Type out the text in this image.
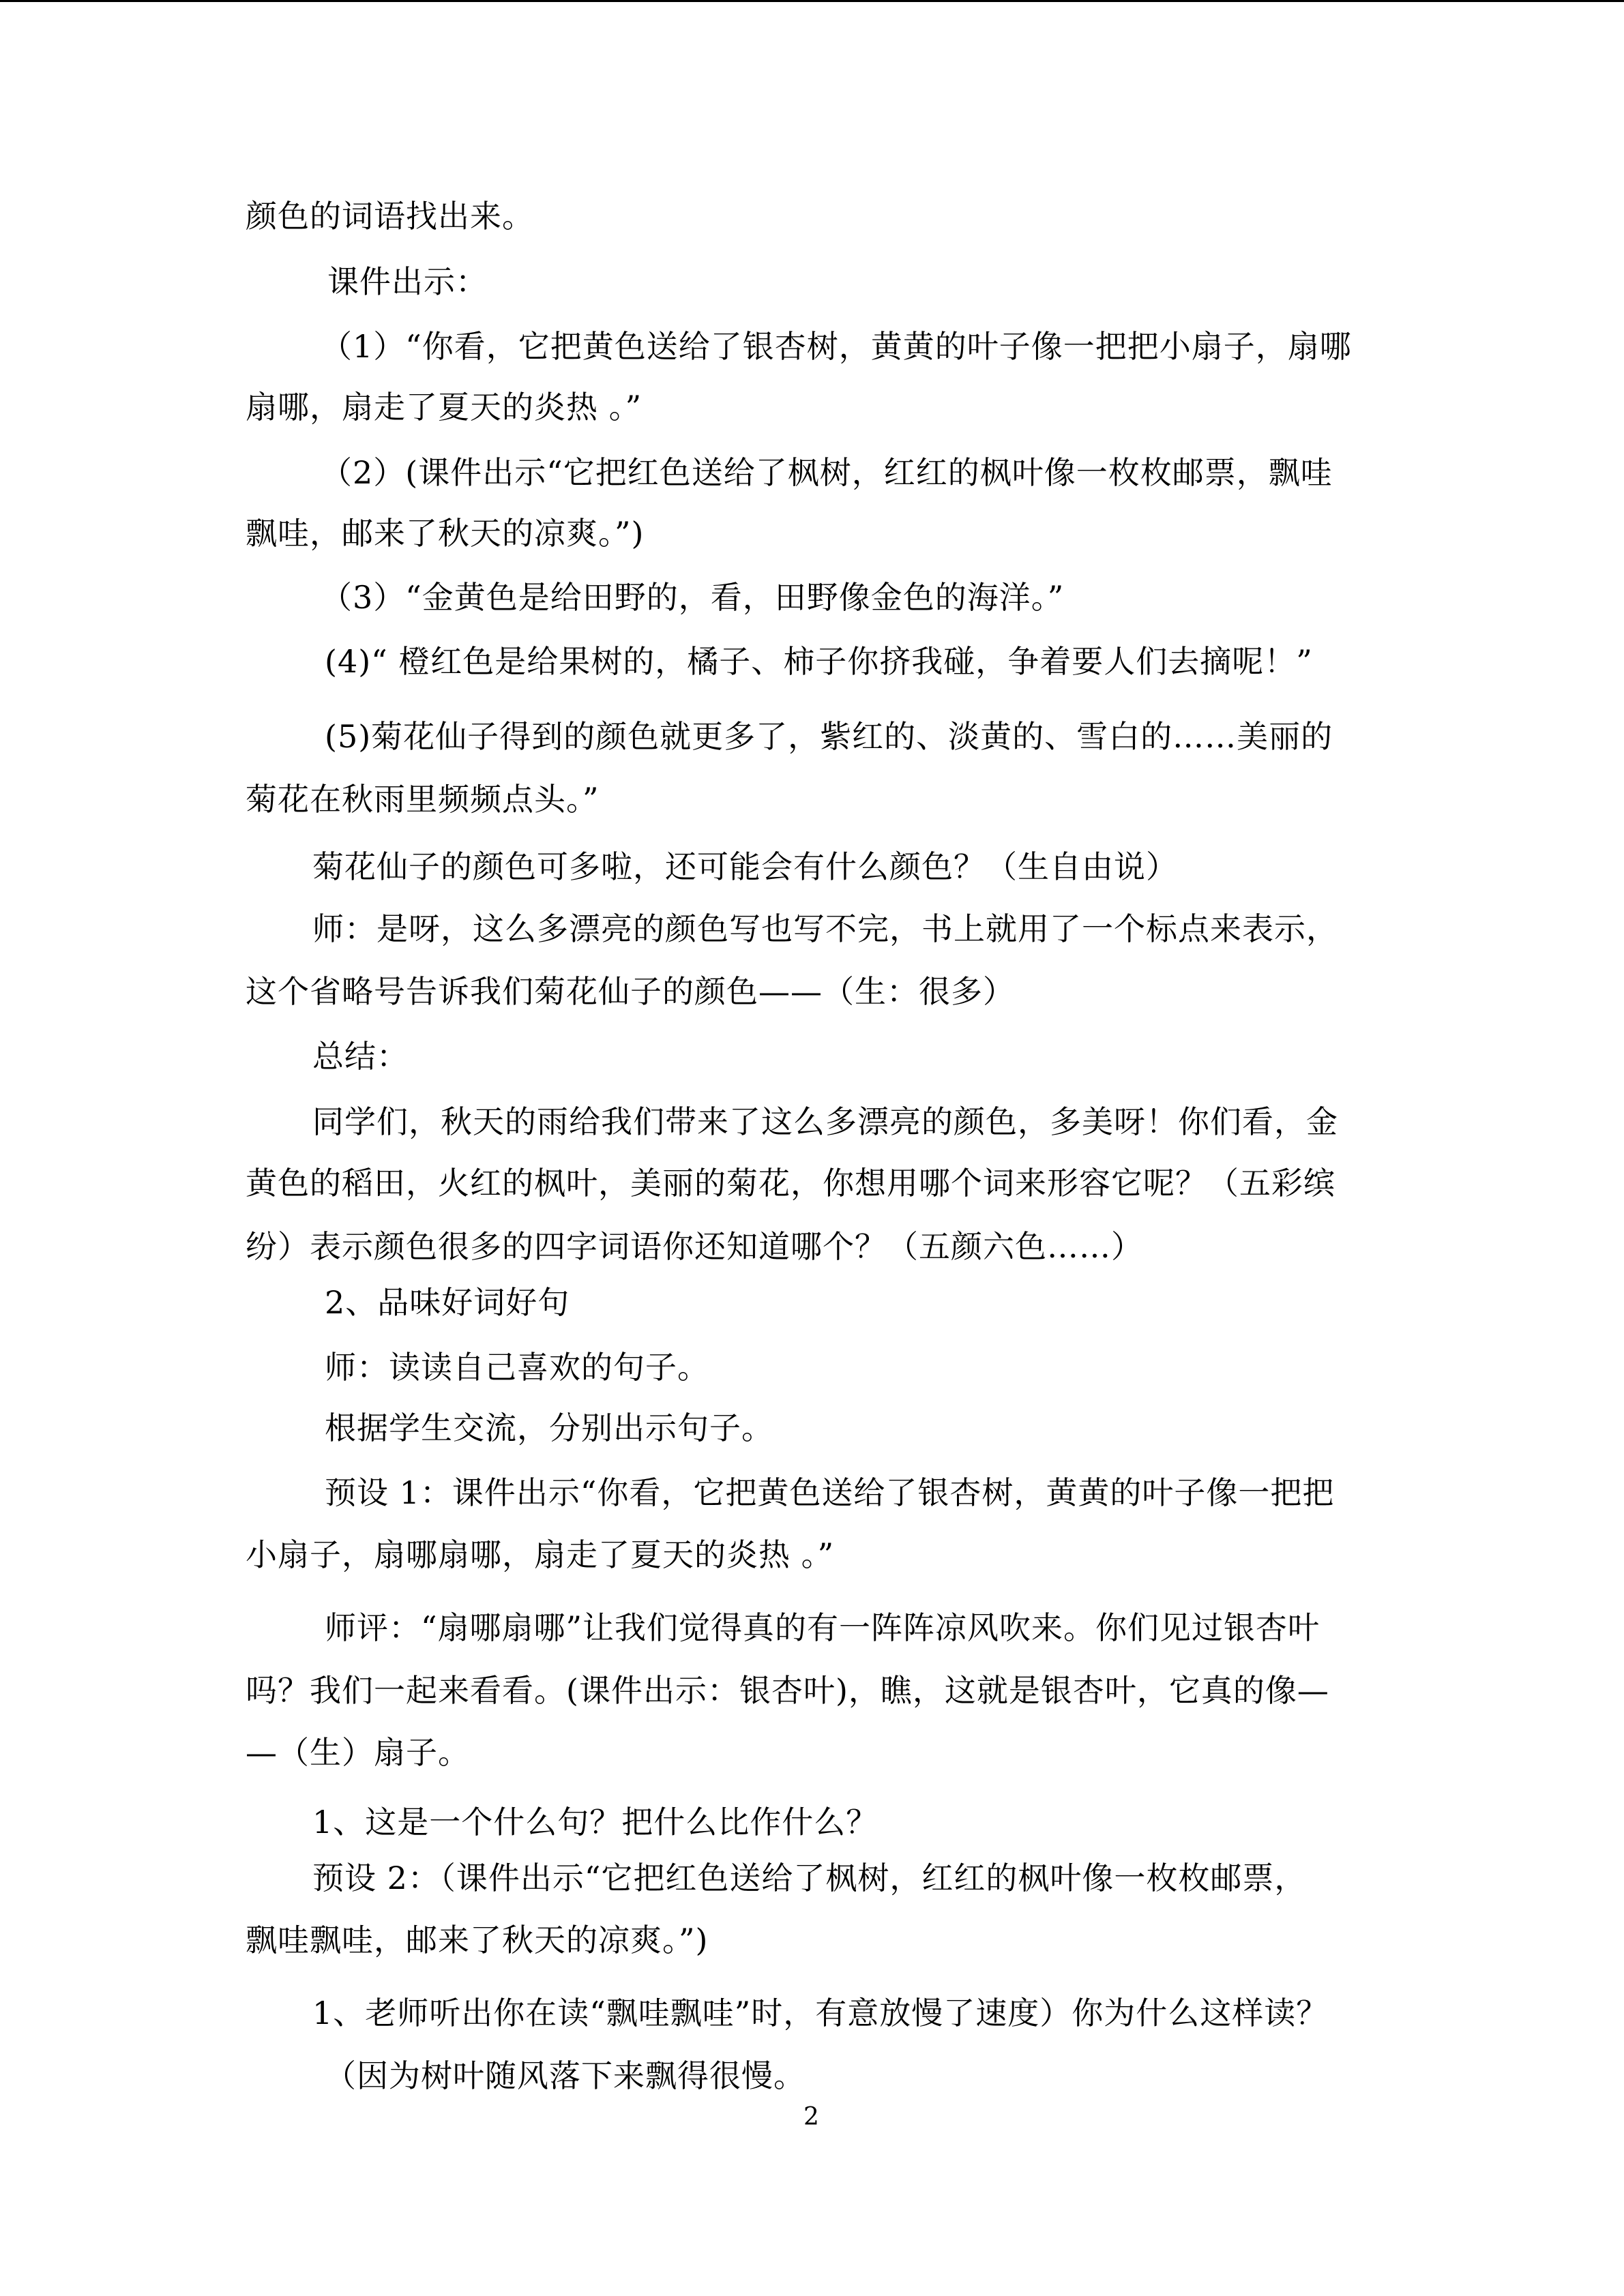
颜色的词语找出来。
课件出示：
（1）“你看，它把黄色送给了银杏树，黄黄的叶子像一把把小扇子，扇哪
扇哪，扇走了夏天的炎热 。”
（2）(课件出示“它把红色送给了枫树，红红的枫叶像一枚枚邮票，飘哇
飘哇，邮来了秋天的凉爽。”)
（3）“金黄色是给田野的，看，田野像金色的海洋。”
(4)“ 橙红色是给果树的，橘子、柿子你挤我碰，争着要人们去摘呢！”
(5)菊花仙子得到的颜色就更多了，紫红的、淡黄的、雪白的……美丽的
菊花在秋雨里频频点头。”
菊花仙子的颜色可多啦，还可能会有什么颜色？（生自由说）
师：是呀，这么多漂亮的颜色写也写不完，书上就用了一个标点来表示，
这个省略号告诉我们菊花仙子的颜色——（生：很多）
总结：
同学们，秋天的雨给我们带来了这么多漂亮的颜色，多美呀！你们看，金
黄色的稻田，火红的枫叶，美丽的菊花，你想用哪个词来形容它呢？（五彩缤
纷）表示颜色很多的四字词语你还知道哪个？（五颜六色……）
2、品味好词好句
师：读读自己喜欢的句子。
根据学生交流，分别出示句子。
预设 1：课件出示“你看，它把黄色送给了银杏树，黄黄的叶子像一把把
小扇子，扇哪扇哪，扇走了夏天的炎热 。”
师评：“扇哪扇哪”让我们觉得真的有一阵阵凉风吹来。你们见过银杏叶
吗？我们一起来看看。(课件出示：银杏叶)，瞧，这就是银杏叶，它真的像—
—（生）扇子。
1、这是一个什么句？把什么比作什么？
预设 2：（课件出示“它把红色送给了枫树，红红的枫叶像一枚枚邮票，
飘哇飘哇，邮来了秋天的凉爽。”)
1、老师听出你在读“飘哇飘哇”时，有意放慢了速度）你为什么这样读？
（因为树叶随风落下来飘得很慢。
2
